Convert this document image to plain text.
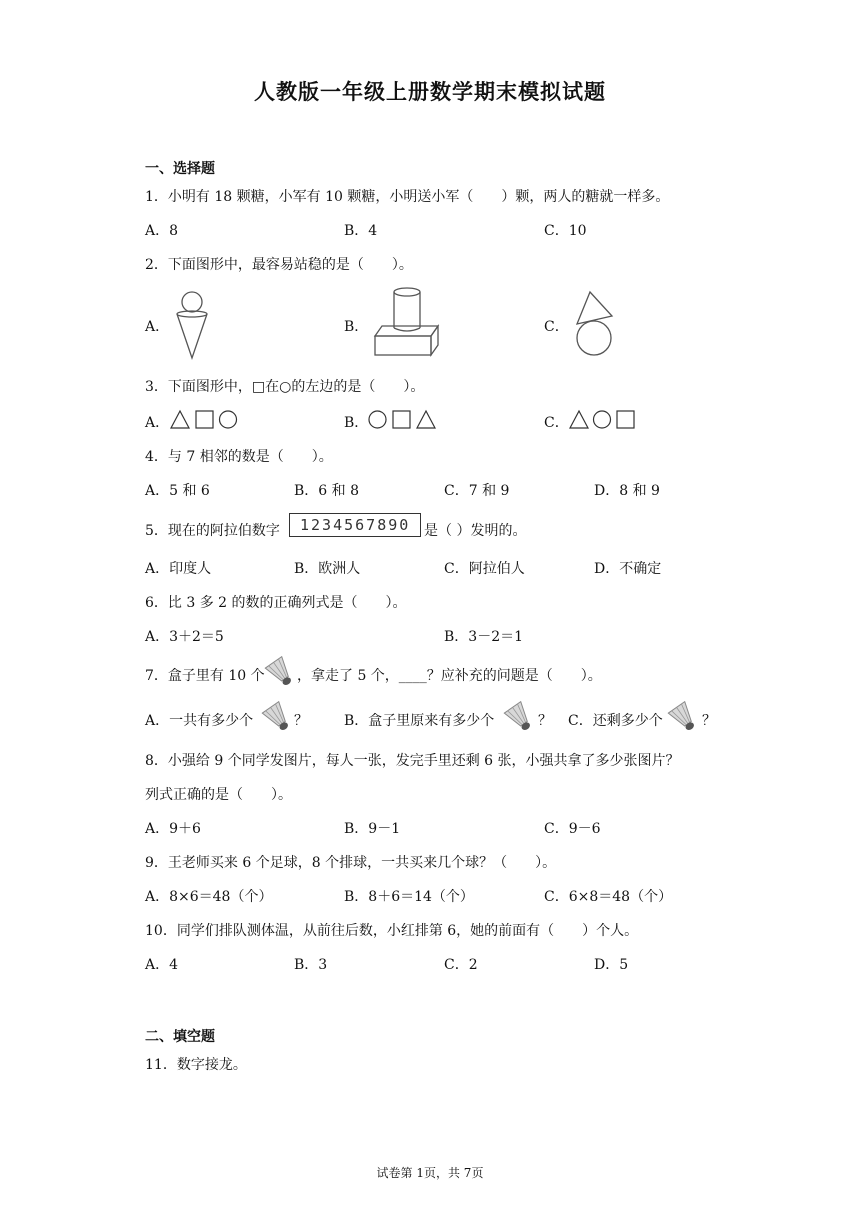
人教版一年级上册数学期末模拟试题
一、选择题
1．小明有 18 颗糖，小军有 10 颗糖，小明送小军（　　）颗，两人的糖就一样多。
A．8	B．4	C．10
2．下面图形中，最容易站稳的是（　　）。
A．	B．	C．
3．下面图形中，□在○的左边的是（　　）。
A．	B．	C．
4．与 7 相邻的数是（　　）。
A．5 和 6	B．6 和 8	C．7 和 9	D．8 和 9
5．现在的阿拉伯数字	1234567890 是（ ）发明的。
A．印度人	B．欧洲人	C．阿拉伯人	D．不确定
6．比 3 多 2 的数的正确列式是（　　）。
A．3＋2＝5	B．3－2＝1
7．盒子里有 10 个 ，拿走了 5 个，____？应补充的问题是（　　）。
A．一共有多少个	？	B．盒子里原来有多少个	？ C．还剩多少个	？
8．小强给 9 个同学发图片，每人一张，发完手里还剩 6 张，小强共拿了多少张图片？
列式正确的是（　　）。
A．9＋6	B．9－1	C．9－6
9．王老师买来 6 个足球，8 个排球，一共买来几个球？（　　）。
A．8×6＝48（个）	B．8＋6＝14（个）	C．6×8＝48（个）
10．同学们排队测体温，从前往后数，小红排第 6，她的前面有（　　）个人。
A．4	B．3	C．2	D．5
二、填空题
11．数字接龙。
试卷第 1页，共 7页
